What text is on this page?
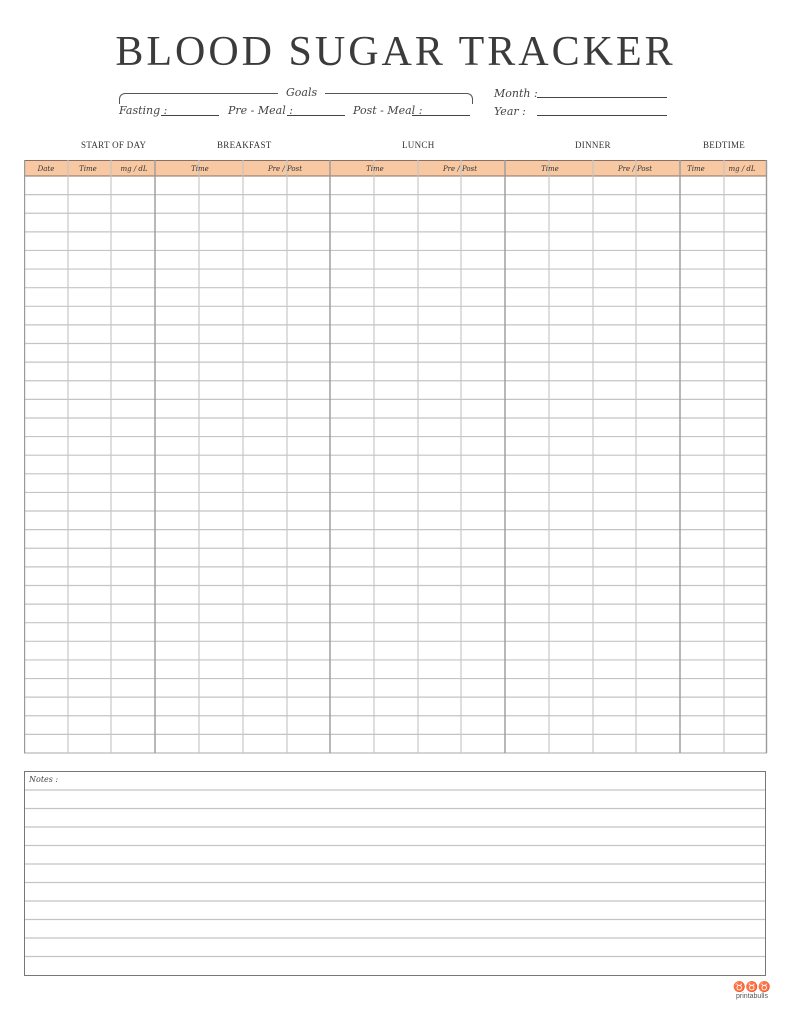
BLOOD SUGAR TRACKER
Goals
Fasting :	Pre - Meal :	Post - Meal :
Month :
Year :
START OF DAY	BREAKFAST	LUNCH	DINNER	BEDTIME
Date	Time	mg / dL	Time	Pre / Post	Time	Pre / Post	Time	Pre / Post	Time	mg / dL
Notes :
♉♉♉
printabulls
